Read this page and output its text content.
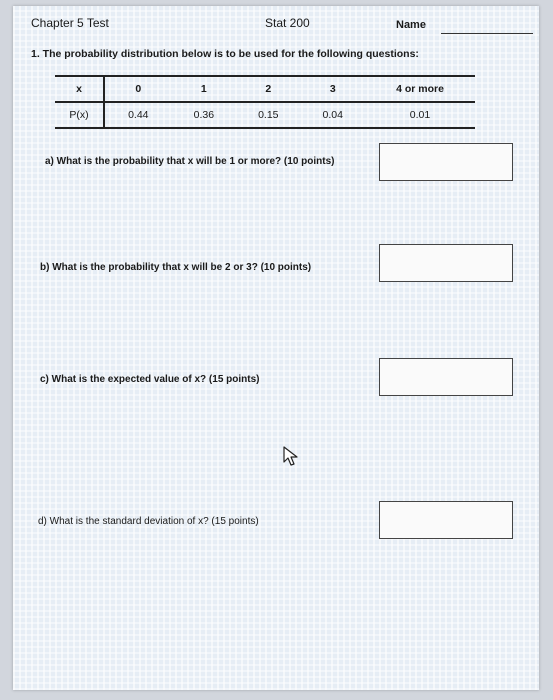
Chapter 5 Test	Stat 200	Name
1. The probability distribution below is to be used for the following questions:
x	0	1	2	3	4 or more
P(x)	0.44	0.36	0.15	0.04	0.01
a) What is the probability that x will be 1 or more? (10 points)
b) What is the probability that x will be 2 or 3? (10 points)
c) What is the expected value of x? (15 points)
d) What is the standard deviation of x? (15 points)
